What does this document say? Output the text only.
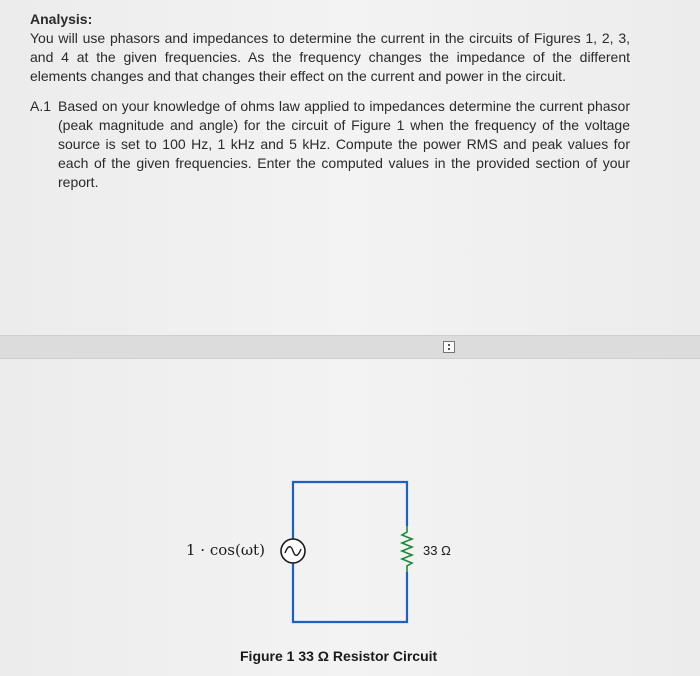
Analysis:
You will use phasors and impedances to determine the current in the circuits of Figures 1, 2, 3, and 4 at the given frequencies. As the frequency changes the impedance of the different elements changes and that changes their effect on the current and power in the circuit.
A.1 Based on your knowledge of ohms law applied to impedances determine the current phasor (peak magnitude and angle) for the circuit of Figure 1 when the frequency of the voltage source is set to 100 Hz, 1 kHz and 5 kHz. Compute the power RMS and peak values for each of the given frequencies. Enter the computed values in the provided section of your report.
1 · cos(ωt)	33 Ω
Figure 1 33 Ω Resistor Circuit
